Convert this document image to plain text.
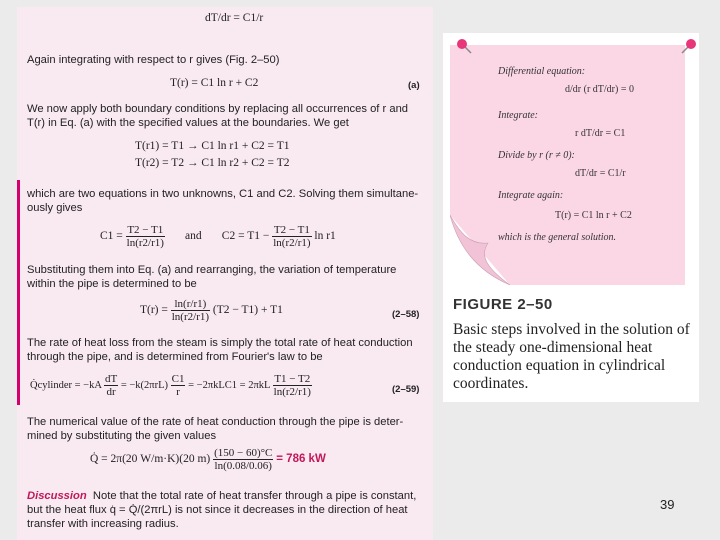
dT/dr = C1/r
Again integrating with respect to r gives (Fig. 2–50)
T(r) = C1 ln r + C2	(a)
We now apply both boundary conditions by replacing all occurrences of r and
T(r) in Eq. (a) with the specified values at the boundaries. We get
T(r1) = T1 → C1 ln r1 + C2 = T1
T(r2) = T2 → C1 ln r2 + C2 = T2
which are two equations in two unknowns, C1 and C2. Solving them simultane-
ously gives
$C1 = \frac{T2 - T1}{\ln(r2/r1)}$ and $C2 = T1 - \frac{T2 - T1}{\ln(r2/r1)}$ ln r1
Substituting them into Eq. (a) and rearranging, the variation of temperature
within the pipe is determined to be
$T(r) = \frac{\ln(r/r1)}{\ln(r2/r1)} (T2 - T1) + T1$	(2–58)
The rate of heat loss from the steam is simply the total rate of heat conduction
through the pipe, and is determined from Fourier's law to be
Q̇cylinder = $-kA \frac{dT}{dr} = -k(2\pi rL) \frac{C1}{r} = -2\pi kLC1 = 2\pi kL \frac{T1 - T2}{\ln(r2/r1)}$	(2–59)
The numerical value of the rate of heat conduction through the pipe is deter-
mined by substituting the given values
Q̇ = 2π(20 W/m·K)(20 $m) \frac{(150 - 60)^\circ C}{\ln(0.08/0.06)} = 786$ kW
Discussion Note that the total rate of heat transfer through a pipe is constant,
but the heat flux q̇ = Q̇/(2πrL) is not since it decreases in the direction of heat
transfer with increasing radius.
Differential equation:
d/dr (r dT/dr) = 0
Integrate:
r dT/dr = C1
Divide by r (r ≠ 0):
dT/dr = C1/r
Integrate again:
T(r) = C1 ln r + C2
which is the general solution.
FIGURE 2–50
Basic steps involved in the solution of the steady one-dimensional heat conduction equation in cylindrical coordinates.
39
